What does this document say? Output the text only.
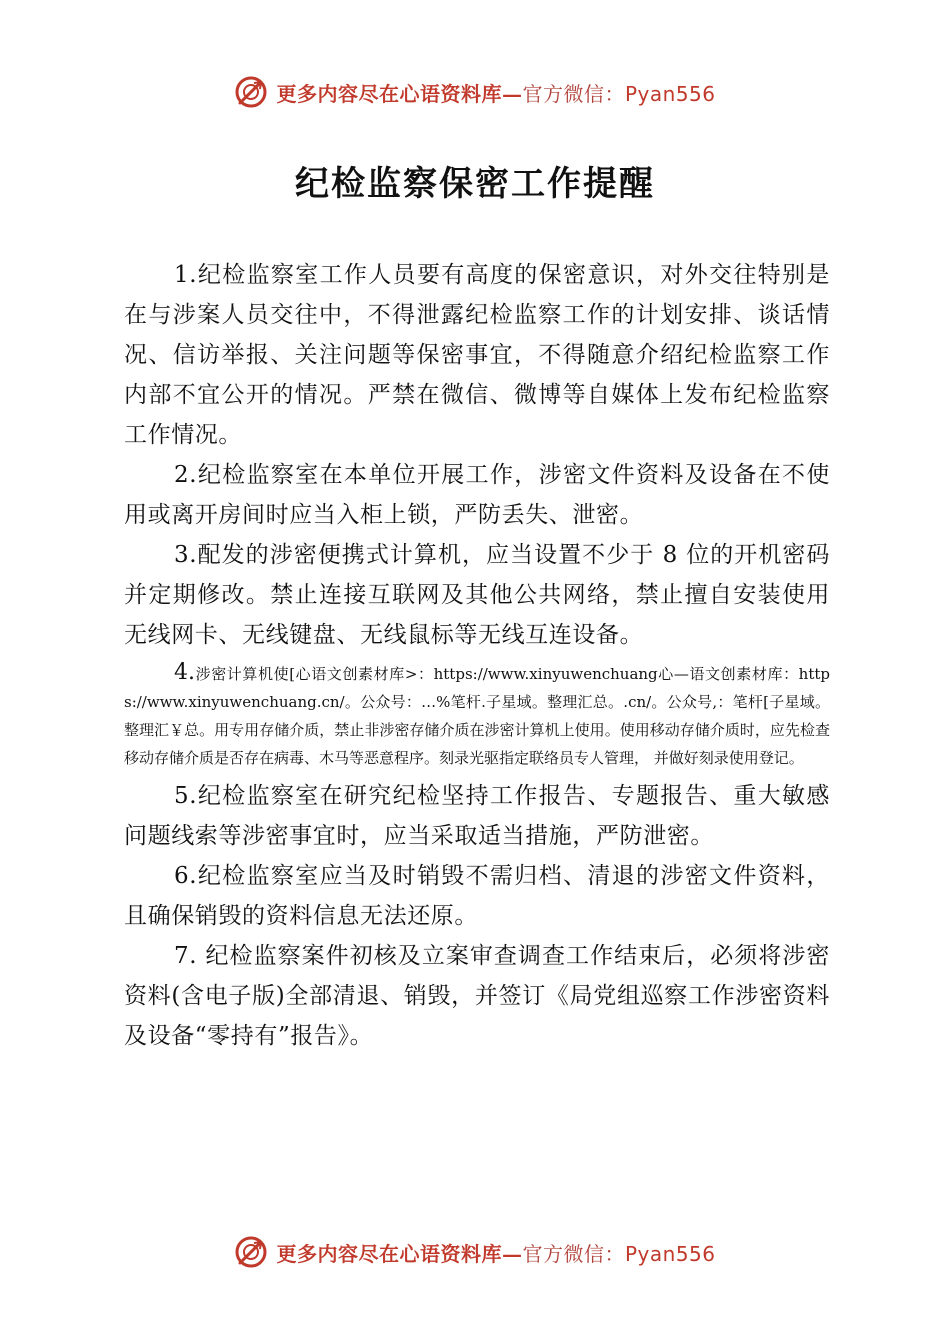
更多内容尽在心语资料库—官方微信：Pyan556
纪检监察保密工作提醒

1.纪检监察室工作人员要有高度的保密意识，对外交往特别是在与涉案人员交往中，不得泄露纪检监察工作的计划安排、谈话情况、信访举报、关注问题等保密事宜，不得随意介绍纪检监察工作内部不宜公开的情况。严禁在微信、微博等自媒体上发布纪检监察工作情况。

2.纪检监察室在本单位开展工作，涉密文件资料及设备在不使用或离开房间时应当入柜上锁，严防丢失、泄密。

3.配发的涉密便携式计算机，应当设置不少于 8 位的开机密码并定期修改。禁止连接互联网及其他公共网络，禁止擅自安装使用无线网卡、无线键盘、无线鼠标等无线互连设备。

4.涉密计算机使[心语文创素材库>：https://www.xinyuwenchuang心—语文创素材库：https://www.xinyuwenchuang.cn/。公众号：…%笔杆.子星域。整理汇总。.cn/。公众号,：笔杆[子星域。整理汇￥总。用专用存储介质，禁止非涉密存储介质在涉密计算机上使用。使用移动存储介质时，应先检查移动存储介质是否存在病毒、木马等恶意程序。刻录光驱指定联络员专人管理， 并做好刻录使用登记。

5.纪检监察室在研究纪检坚持工作报告、专题报告、重大敏感问题线索等涉密事宜时，应当采取适当措施，严防泄密。

6.纪检监察室应当及时销毁不需归档、清退的涉密文件资料，且确保销毁的资料信息无法还原。

7. 纪检监察案件初核及立案审查调查工作结束后，必须将涉密资料(含电子版)全部清退、销毁，并签订《局党组巡察工作涉密资料及设备“零持有”报告》。

更多内容尽在心语资料库—官方微信：Pyan556
